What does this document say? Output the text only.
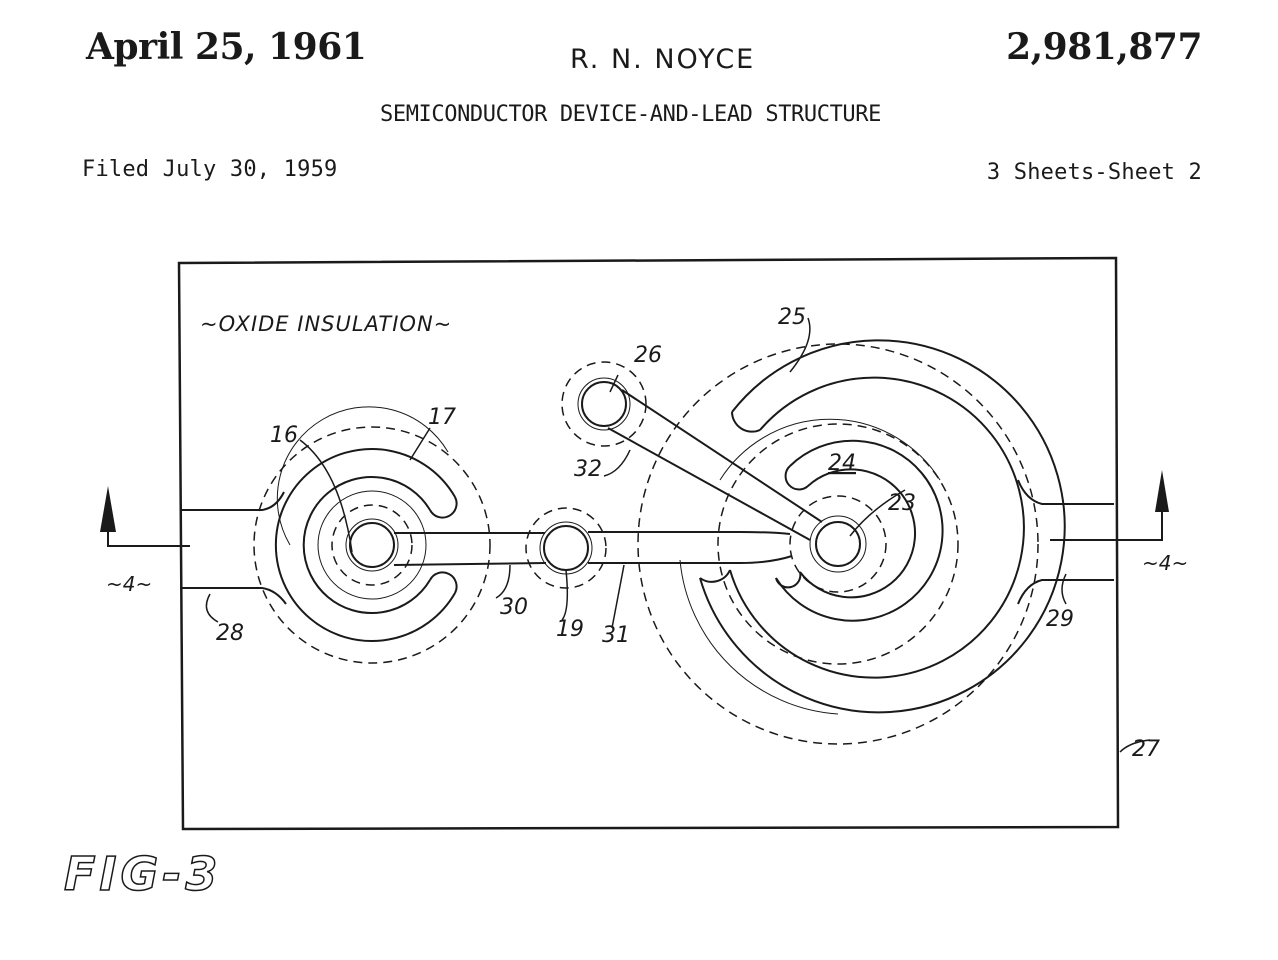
April 25, 1961	R. N. NOYCE	2,981,877
SEMICONDUCTOR DEVICE-AND-LEAD STRUCTURE
Filed July 30, 1959	3 Sheets-Sheet 2
~OXIDE INSULATION~
~4~
~4~
16
17
19
23
24
25
26
27
28
29
30
31
32
FIG-3
